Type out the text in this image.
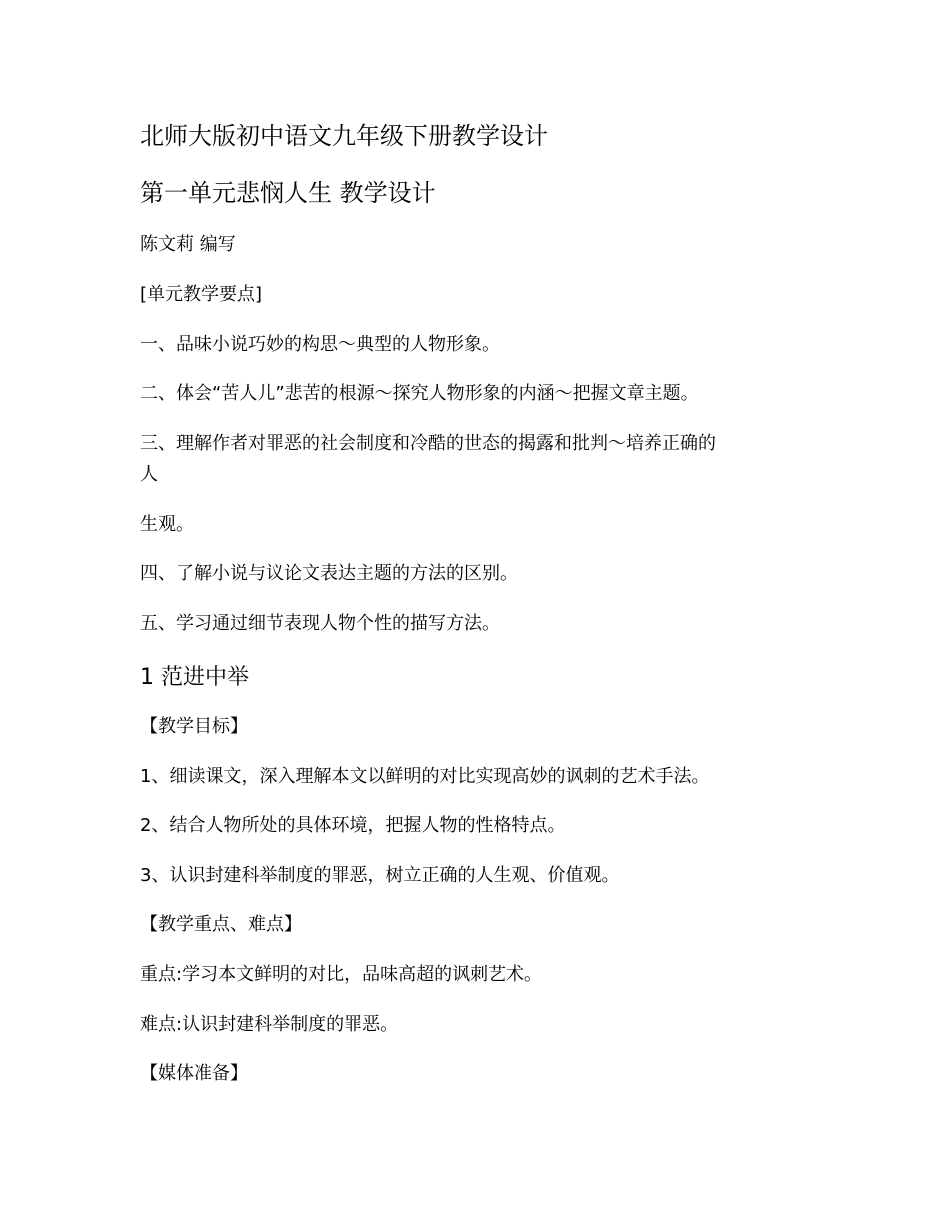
北师大版初中语文九年级下册教学设计

第一单元悲悯人生 教学设计

陈文莉 编写

[单元教学要点]

一、品味小说巧妙的构思～典型的人物形象。

二、体会“苦人儿”悲苦的根源～探究人物形象的内涵～把握文章主题。

三、理解作者对罪恶的社会制度和冷酷的世态的揭露和批判～培养正确的

人

生观。

四、了解小说与议论文表达主题的方法的区别。

五、学习通过细节表现人物个性的描写方法。

1 范进中举

【教学目标】

1、细读课文，深入理解本文以鲜明的对比实现高妙的讽刺的艺术手法。

2、结合人物所处的具体环境，把握人物的性格特点。

3、认识封建科举制度的罪恶，树立正确的人生观、价值观。

【教学重点、难点】

重点:学习本文鲜明的对比，品味高超的讽刺艺术。

难点:认识封建科举制度的罪恶。

【媒体准备】
